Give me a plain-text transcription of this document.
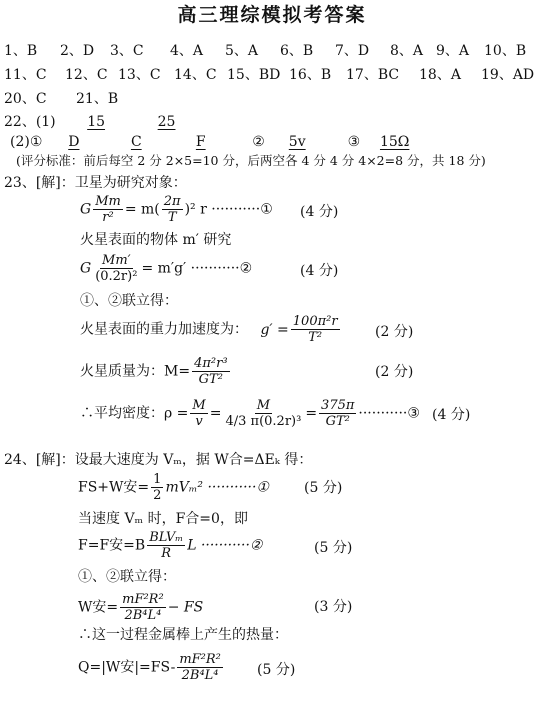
高三理综模拟考答案
1、B 2、D 3、C 4、A 5、A 6、B 7、D 8、A 9、A 10、B
11、C 12、C 13、C 14、C 15、BD 16、B 17、BC 18、A 19、AD
20、C 21、B
22、(1) 15	25
(2)① D	C	F	② 5v	③ 15Ω
(评分标准：前后每空 2 分 2×5=10 分，后两空各 4 分 4 分 4×2=8 分，共 18 分)
23、[解]：卫星为研究对象：
G $\frac{Mm}{\text{r²}} = m( \frac{2\pi}{T} )^2$ r ···········① (4 分)
火星表面的物体 m′ 研究
G $\frac{Mm'}{\text{(0.2r)²}} = m'g'$ ···········②	(4 分)
①、②联立得：
火星表面的重力加速度为： $g' = \frac{\text{100π²r}}{\text{T²}}$	(2 分)
火星质量为：$M= \frac{\text{4π²r³}}{\text{GT²}}$	(2 分)
∴平均密度：$\rho = \frac{M}{v} = \frac{M}{\text{4/3 π(0.2r)³}} = \frac{375\pi}{\text{GT²}}$ ···········③ (4 分)
24、[解]：设最大速度为 Vₘ，据 W合=ΔEₖ 得：
FS+W安= $\frac{1}{2} mV_m^2$ ···········①	(5 分)
当速度 Vₘ 时，F合=0，即
F=F安$=B \frac{\text{BLVₘ}}{R}$ L ···········②	(5 分)
①、②联立得：
W安= $\frac{\text{mF²R²}}{\text{2B⁴L⁴}}$ − FS	(3 分)
∴这一过程金属棒上产生的热量：
Q=|W安$|=FS- \frac{\text{mF²R²}}{\text{2B⁴L⁴}} (5$ 分)
